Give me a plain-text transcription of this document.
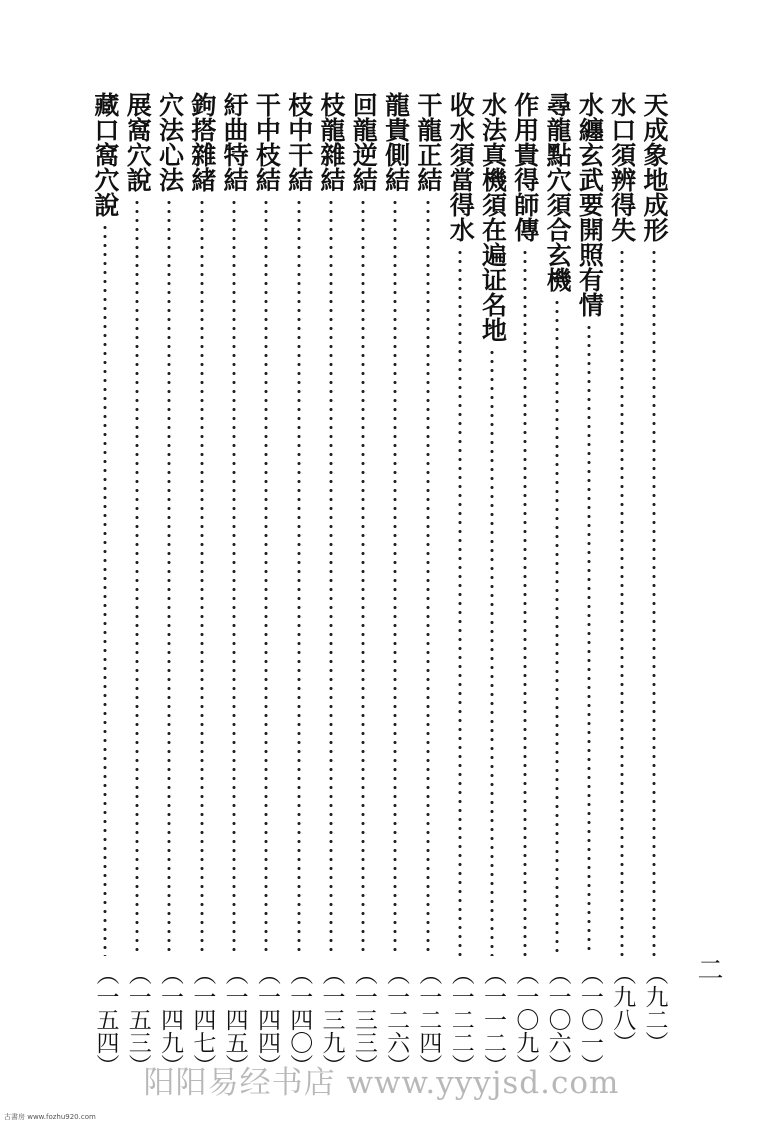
天成象地成形
（九二）
水口須辨得失
（九八）
水纏玄武要開照有情
（一〇一）
尋龍點穴須合玄機
（一〇六）
作用貴得師傳
（一〇九）
水法真機須在遍证名地
（一一二）
收水須當得水
（一二二）
干龍正結
（一二四）
龍貴側結
（一二六）
回龍逆結
（一三三）
枝龍雜結
（一三九）
枝中干結
（一四〇）
干中枝結
（一四四）
紆曲特結
（一四五）
鉤搭雜緒
（一四七）
穴法心法
（一四九）
展窩穴說
（一五三）
藏口窩穴說
（一五四）	二
阳阳易经书店 www.yyyjsd.com
古書房 www.fozhu920.com
